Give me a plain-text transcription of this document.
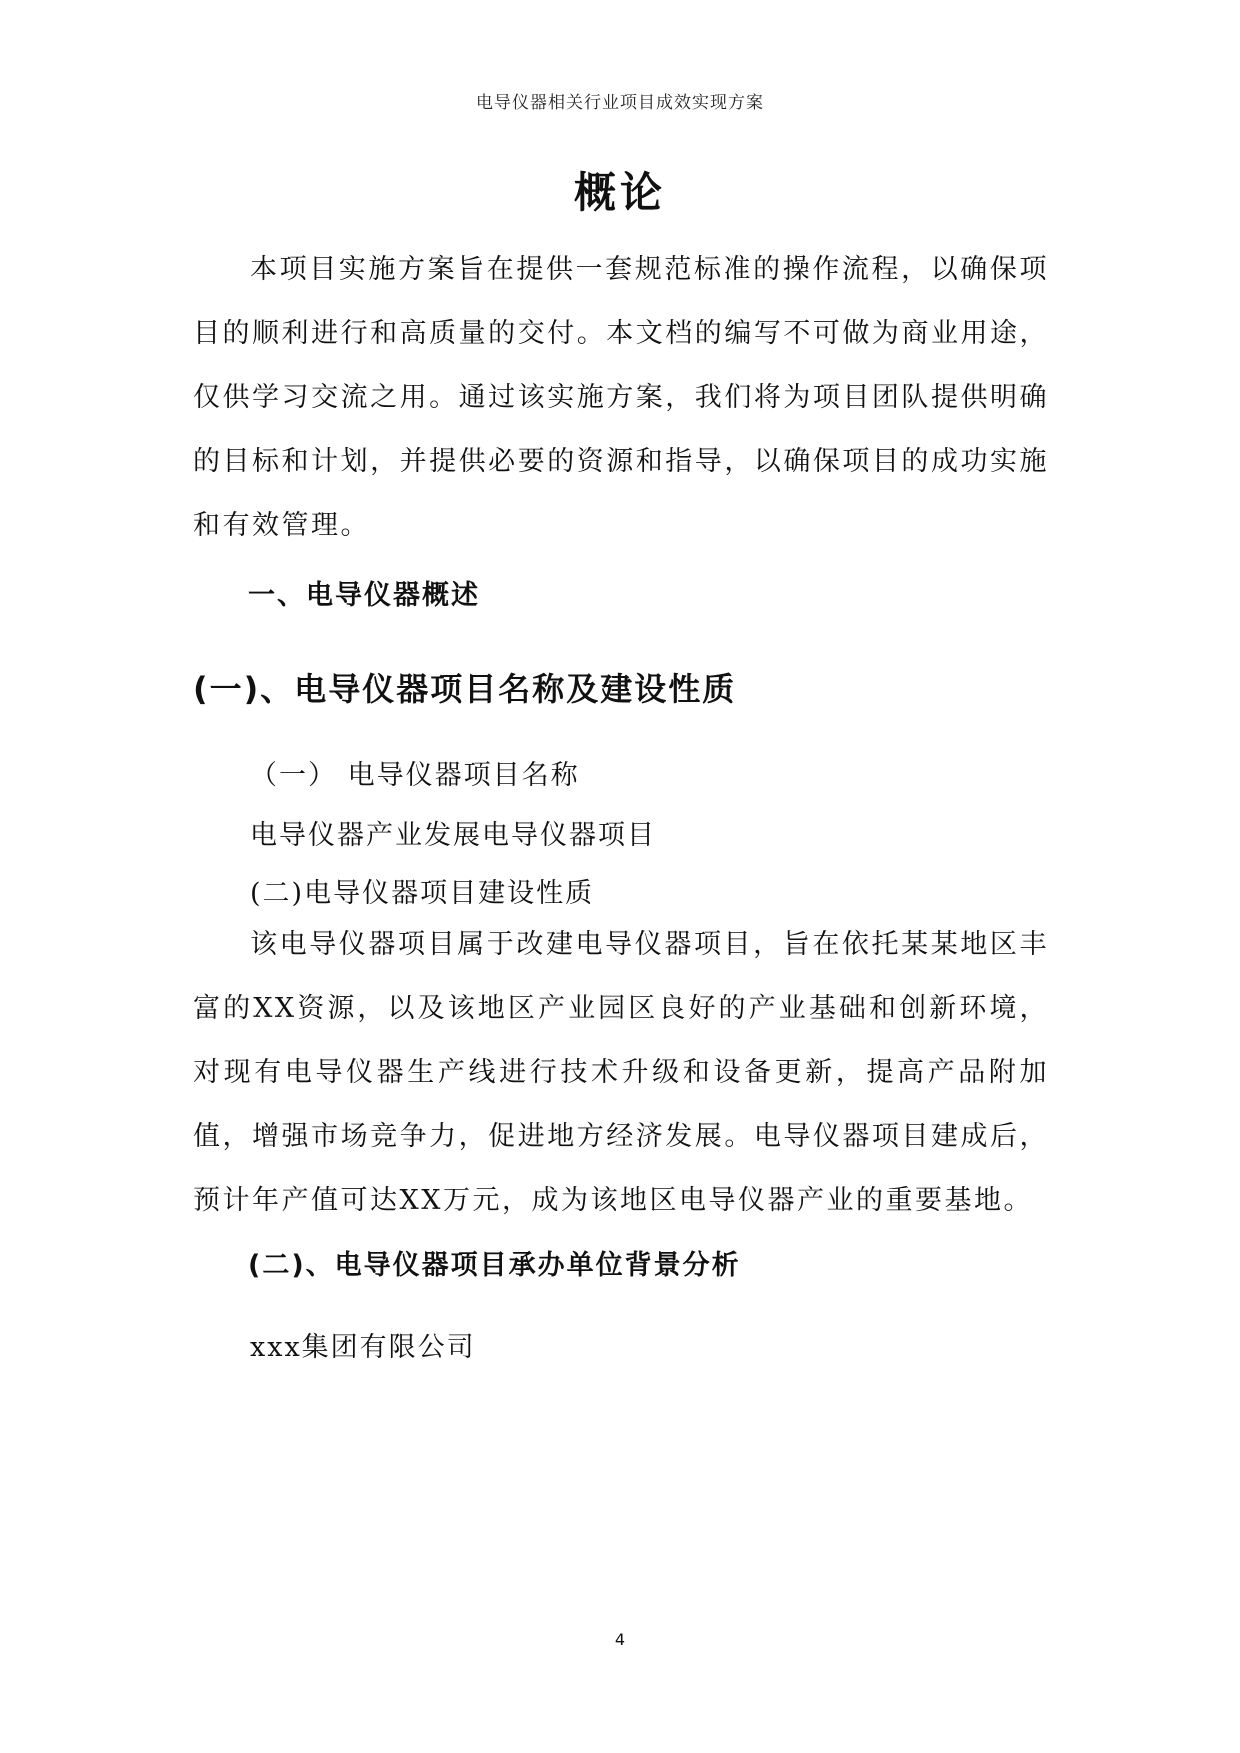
电导仪器相关行业项目成效实现方案
概论

本项目实施方案旨在提供一套规范标准的操作流程，以确保项目的顺利进行和高质量的交付。本文档的编写不可做为商业用途，仅供学习交流之用。通过该实施方案，我们将为项目团队提供明确的目标和计划，并提供必要的资源和指导，以确保项目的成功实施和有效管理。

一、电导仪器概述
(一)、电导仪器项目名称及建设性质

（一） 电导仪器项目名称

电导仪器产业发展电导仪器项目

(二)电导仪器项目建设性质

该电导仪器项目属于改建电导仪器项目，旨在依托某某地区丰富的XX资源，以及该地区产业园区良好的产业基础和创新环境，对现有电导仪器生产线进行技术升级和设备更新，提高产品附加值，增强市场竞争力，促进地方经济发展。电导仪器项目建成后，预计年产值可达XX万元，成为该地区电导仪器产业的重要基地。

(二)、电导仪器项目承办单位背景分析

xxx集团有限公司

4
